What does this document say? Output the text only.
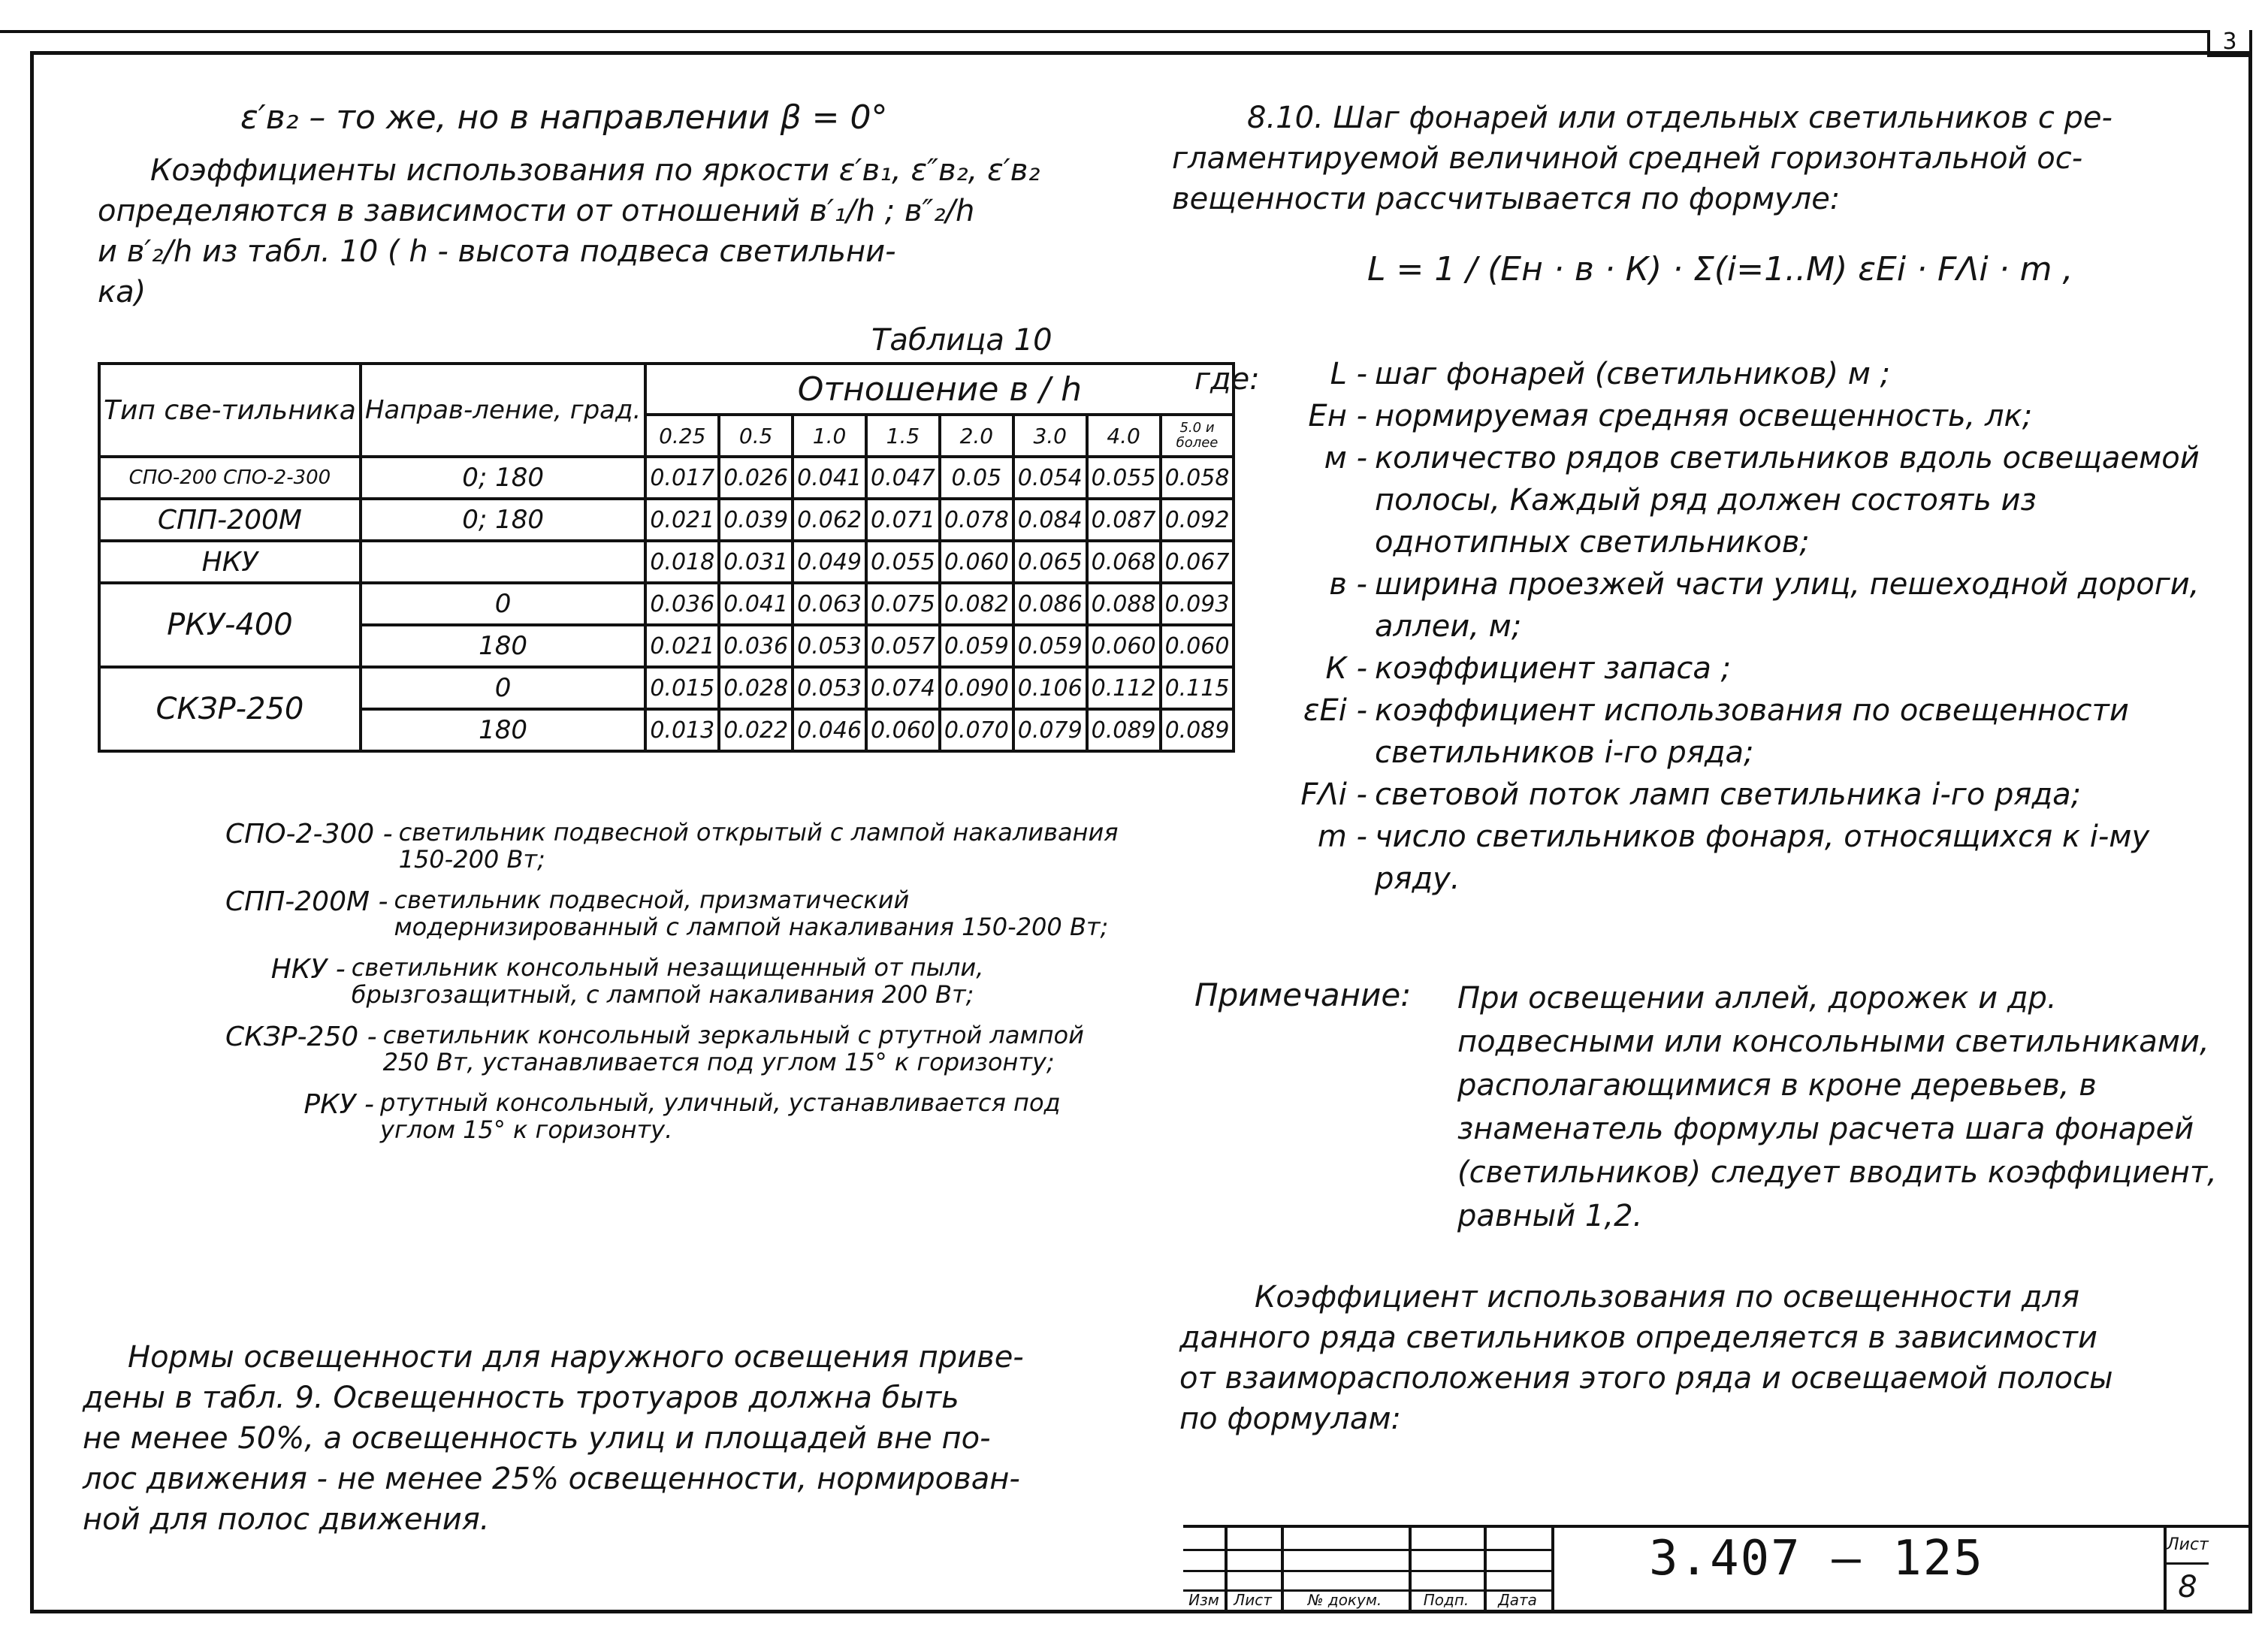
3
ε′в₂ – то же, но в направлении β = 0°
Коэффициенты использования по яркости ε′в₁, ε″в₂, ε′в₂
определяются в зависимости от отношений в′₁/h ; в″₂/h
и в′₂/h из табл. 10 ( h - высота подвеса светильни-
ка)
Таблица 10
Тип све-тильника	Направ-ление, град.	Отношение в / h							
		0.25	0.5	1.0	1.5	2.0	3.0	4.0	5.0 и более
СПО-200 СПО-2-300	0; 180	0.017	0.026	0.041	0.047	0.05	0.054	0.055	0.058
СПП-200М	0; 180	0.021	0.039	0.062	0.071	0.078	0.084	0.087	0.092
НКУ		0.018	0.031	0.049	0.055	0.060	0.065	0.068	0.067
РКУ-400	0	0.036	0.041	0.063	0.075	0.082	0.086	0.088	0.093
	180	0.021	0.036	0.053	0.057	0.059	0.059	0.060	0.060
СКЗР-250	0	0.015	0.028	0.053	0.074	0.090	0.106	0.112	0.115
	180	0.013	0.022	0.046	0.060	0.070	0.079	0.089	0.089
СПО-2-300 - светильник подвесной открытый с лампой накаливания 150-200 Вт;
СПП-200М - светильник подвесной, призматический модернизированный с лампой накаливания 150-200 Вт;
НКУ - светильник консольный незащищенный от пыли, брызгозащитный, с лампой накаливания 200 Вт;
СКЗР-250 - светильник консольный зеркальный с ртутной лампой 250 Вт, устанавливается под углом 15° к горизонту;
РКУ - ртутный консольный, уличный, устанавливается под углом 15° к горизонту.
Нормы освещенности для наружного освещения приве-
дены в табл. 9. Освещенность тротуаров должна быть
не менее 50%, а освещенность улиц и площадей вне по-
лос движения - не менее 25% освещенности, нормирован-
ной для полос движения.
8.10. Шаг фонарей или отдельных светильников с ре-
гламентируемой величиной средней горизонтальной ос-
вещенности рассчитывается по формуле:
L = 1 / (Eн · в · К) · Σ(i=1..M) εEi · FΛi · m ,
где:	L - шаг фонарей (светильников) м ;
Eн - нормируемая средняя освещенность, лк;
м - количество рядов светильников вдоль освещаемой полосы, Каждый ряд должен состоять из однотипных светильников;
в - ширина проезжей части улиц, пешеходной дороги, аллеи, м;
К - коэффициент запаса ;
εEi - коэффициент использования по освещенности светильников i-го ряда;
FΛi - световой поток ламп светильника i-го ряда;
m - число светильников фонаря, относящихся к i-му ряду.
Примечание:	При освещении аллей, дорожек и др. подвесными или консольными светильниками, располагающимися в кроне деревьев, в знаменатель формулы расчета шага фонарей (светильников) следует вводить коэффициент, равный 1,2.
Коэффициент использования по освещенности для
данного ряда светильников определяется в зависимости
от взаиморасположения этого ряда и освещаемой полосы
по формулам:
Изм Лист	№ докум.	Подп.	Дата
3.407 — 125	Лист
8
